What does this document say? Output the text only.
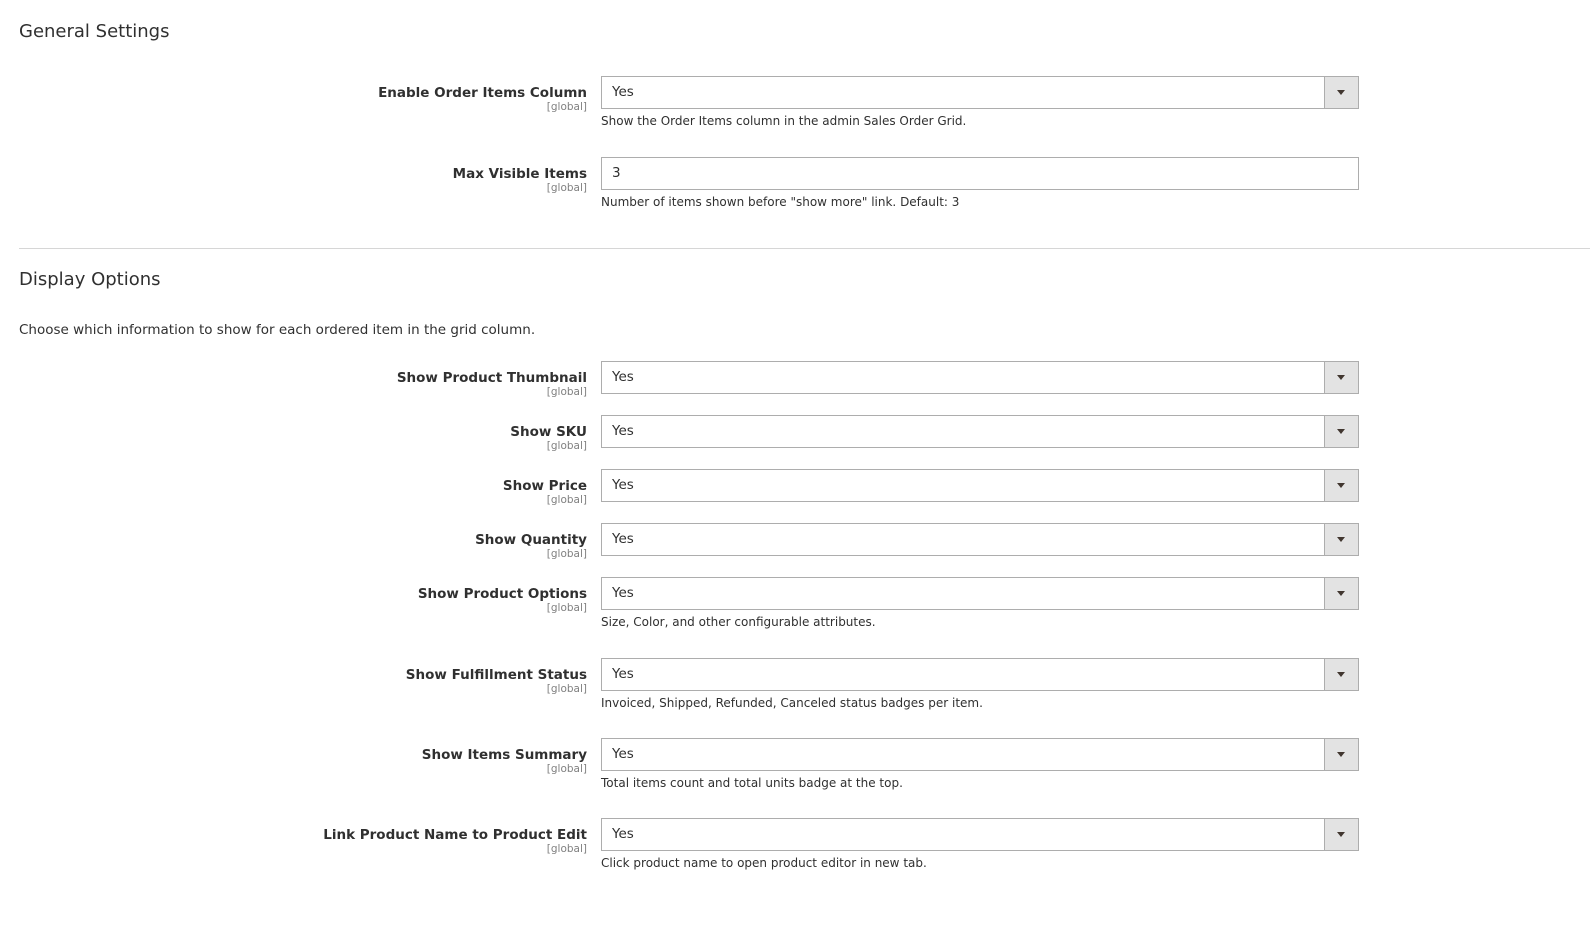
General Settings
Enable Order Items Column
[global]
Yes
Show the Order Items column in the admin Sales Order Grid.
Max Visible Items
[global]
3
Number of items shown before "show more" link. Default: 3
Display Options
Choose which information to show for each ordered item in the grid column.
Show Product Thumbnail
[global]
Yes
Show SKU
[global]
Yes
Show Price
[global]
Yes
Show Quantity
[global]
Yes
Show Product Options
[global]
Yes
Size, Color, and other configurable attributes.
Show Fulfillment Status
[global]
Yes
Invoiced, Shipped, Refunded, Canceled status badges per item.
Show Items Summary
[global]
Yes
Total items count and total units badge at the top.
Link Product Name to Product Edit
[global]
Yes
Click product name to open product editor in new tab.
